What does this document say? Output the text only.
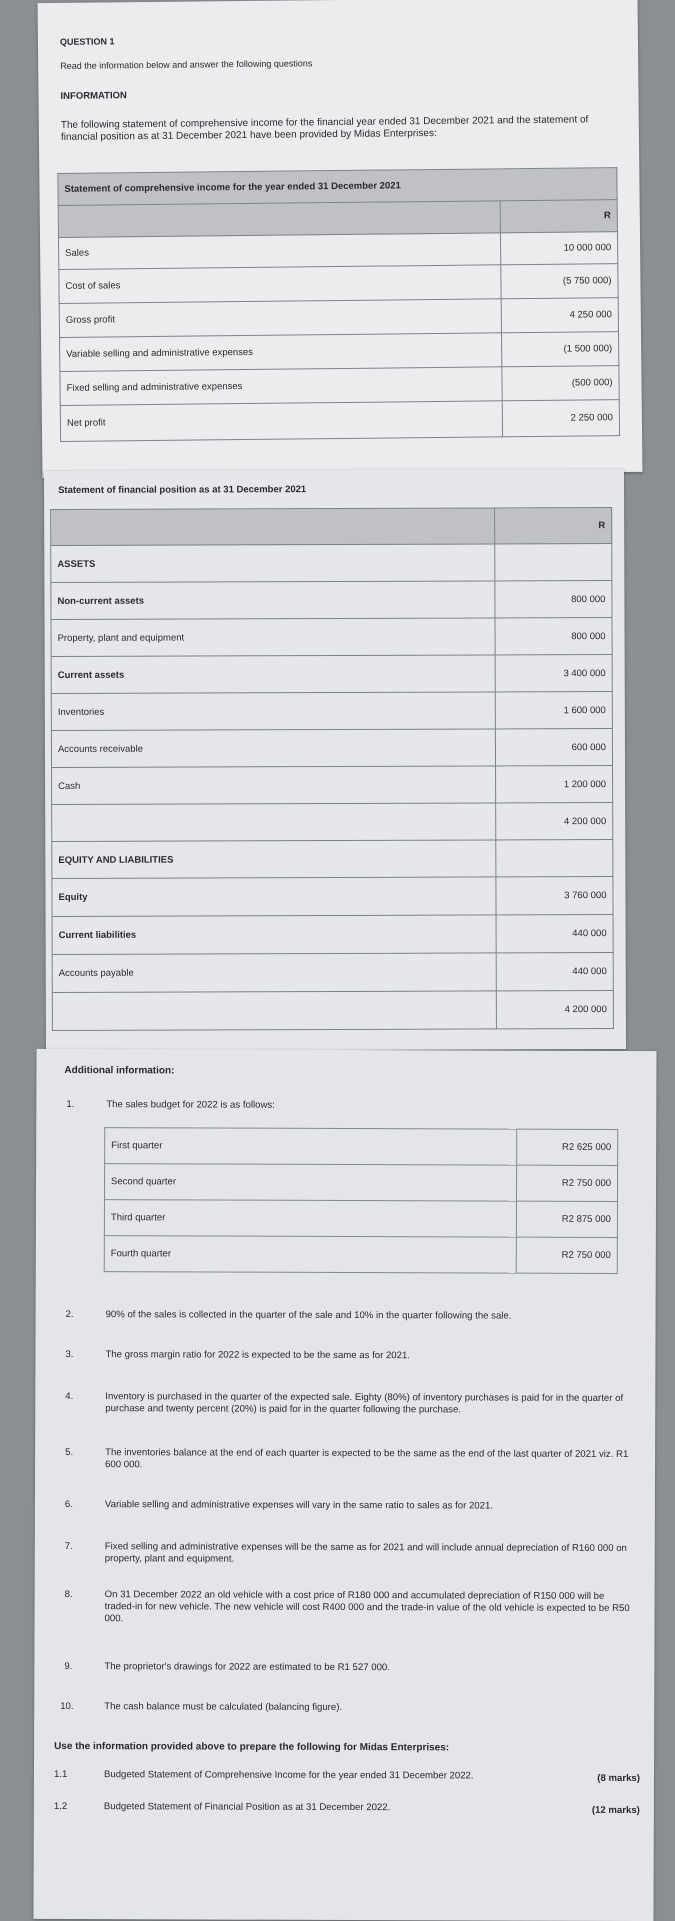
QUESTION 1
Read the information below and answer the following questions
INFORMATION
The following statement of comprehensive income for the financial year ended 31 December 2021 and the statement of financial position as at 31 December 2021 have been provided by Midas Enterprises:
Statement of comprehensive income for the year ended 31 December 2021	
	R
Sales	10 000 000
Cost of sales	(5 750 000)
Gross profit	4 250 000
Variable selling and administrative expenses	(1 500 000)
Fixed selling and administrative expenses	(500 000)
Net profit	2 250 000
Statement of financial position as at 31 December 2021
	R
ASSETS	
Non-current assets	800 000
Property, plant and equipment	800 000
Current assets	3 400 000
Inventories	1 600 000
Accounts receivable	600 000
Cash	1 200 000
	4 200 000
EQUITY AND LIABILITIES	
Equity	3 760 000
Current liabilities	440 000
Accounts payable	440 000
	4 200 000
Additional information:
1.	The sales budget for 2022 is as follows:
First quarter	R2 625 000
Second quarter	R2 750 000
Third quarter	R2 875 000
Fourth quarter	R2 750 000
2.	90% of the sales is collected in the quarter of the sale and 10% in the quarter following the sale.
3.	The gross margin ratio for 2022 is expected to be the same as for 2021.
4.	Inventory is purchased in the quarter of the expected sale. Eighty (80%) of inventory purchases is paid for in the quarter of purchase and twenty percent (20%) is paid for in the quarter following the purchase.
5.	The inventories balance at the end of each quarter is expected to be the same as the end of the last quarter of 2021 viz. R1 600 000.
6.	Variable selling and administrative expenses will vary in the same ratio to sales as for 2021.
7.	Fixed selling and administrative expenses will be the same as for 2021 and will include annual depreciation of R160 000 on property, plant and equipment.
8.	On 31 December 2022 an old vehicle with a cost price of R180 000 and accumulated depreciation of R150 000 will be traded-in for new vehicle. The new vehicle will cost R400 000 and the trade-in value of the old vehicle is expected to be R50 000.
9.	The proprietor's drawings for 2022 are estimated to be R1 527 000.
10.	The cash balance must be calculated (balancing figure).
Use the information provided above to prepare the following for Midas Enterprises:
1.1	Budgeted Statement of Comprehensive Income for the year ended 31 December 2022.	(8 marks)
1.2	Budgeted Statement of Financial Position as at 31 December 2022.	(12 marks)
